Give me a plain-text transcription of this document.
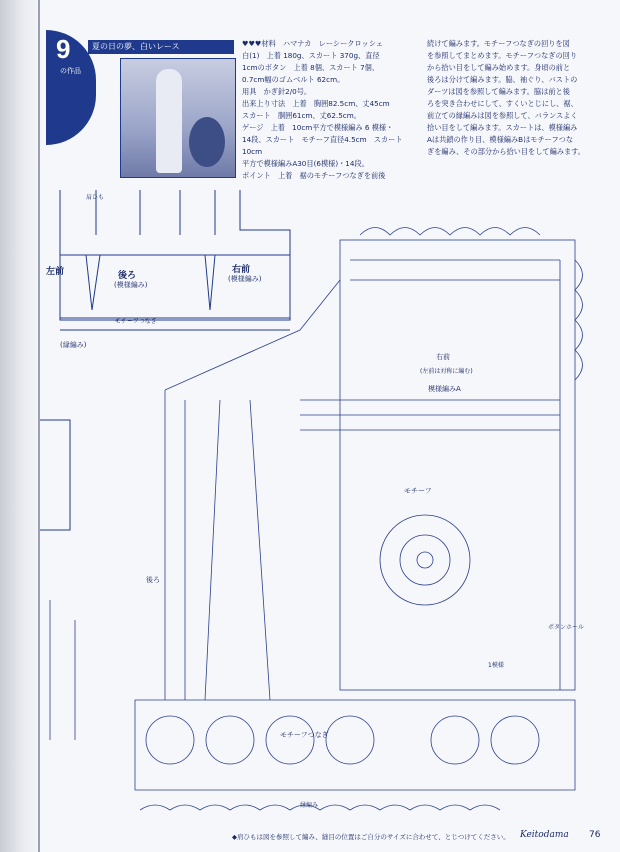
P. 9
の作品
夏の日の夢、白いレース	♥♥♥材料　ハマナカ　レーシークロッシェ

白(1)　上着 180g、スカート 370g、直径

1cmのボタン　上着 8個、スカート 7個、

0.7cm幅のゴムベルト 62cm。

用具　かぎ針2/0号。

出来上り寸法　上着　胸囲82.5cm、丈45cm

スカート　胴囲61cm、丈62.5cm。

ゲージ　上着　10cm平方で模様編み 6 模様・

14段、スカート　モチーフ直径4.5cm　スカート　10cm

平方で模様編みA30目(6模様)・14段。

ポイント　上着　裾のモチーフつなぎを前後

続けて編みます。モチーフつなぎの回りを図
を参照してまとめます。モチーフつなぎの回り
から拾い目をして編み始めます。身頃の前と
後ろは分けて編みます。脇、袖ぐり、バストの
ダーツは図を参照して編みます。脇は前と後
ろを突き合わせにして、すくいとじにし、裾、
前立ての縁編みは図を参照して、バランスよく
拾い目をして編みます。スカートは、模様編み
Aは共鎖の作り目、模様編みBはモチーフつな
ぎを編み、その部分から拾い目をして編みます。
後ろ
(模様編み)
右前
(模様編み)
左前
(縁編み)
モチーフつなぎ
肩ひも
右前
(左前は対称に編む)
模様編みA
モチーフ
後ろ
モチーフつなぎ
縁編み
ボタンホール
1模様
◆肩ひもは図を参照して編み、縫目の位置はご自分のサイズに合わせて、とじつけてください。 Keitodama 76
